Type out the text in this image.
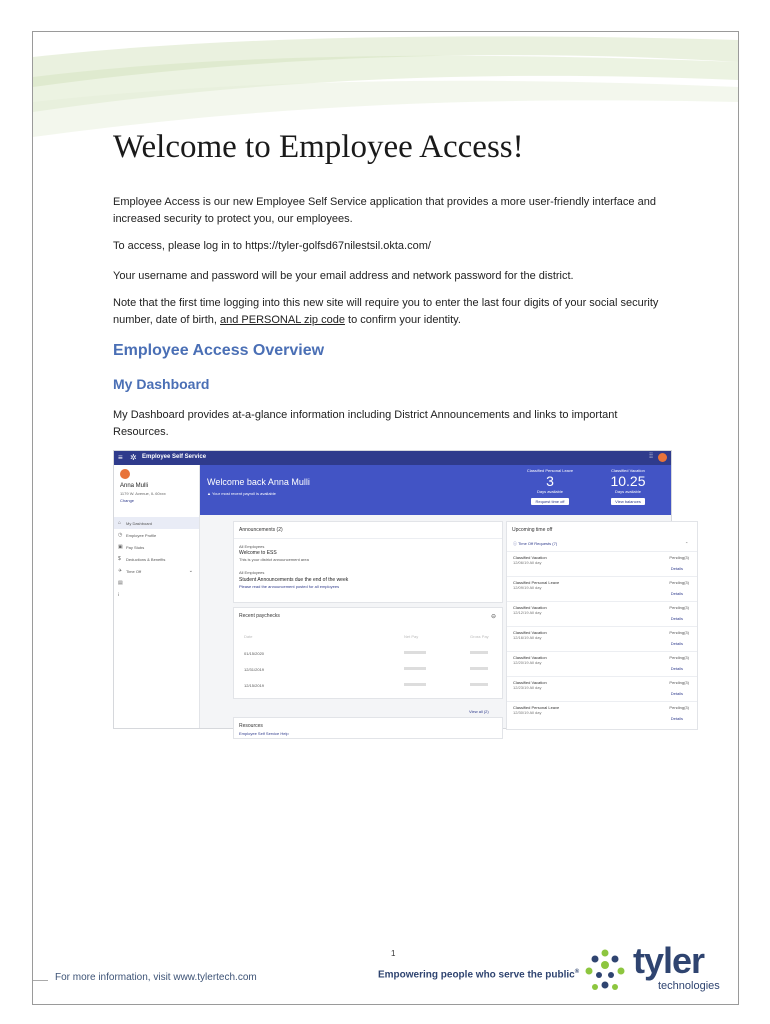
Welcome to Employee Access!
Employee Access is our new Employee Self Service application that provides a more user-friendly interface and increased security to protect you, our employees.
To access, please log in to https://tyler-golfsd67nilestsil.okta.com/
Your username and password will be your email address and network password for the district.
Note that the first time logging into this new site will require you to enter the last four digits of your social security number, date of birth, and PERSONAL zip code to confirm your identity.
Employee Access Overview
My Dashboard
My Dashboard provides at-a-glance information including District Announcements and links to important Resources.
≡ ✲ Employee Self Service	⁞⁞
Anna Mulli
1179 W. Avenue, IL 60xxx
Change
⌂	My Dashboard
◷ Employee Profile
▣ Pay Stubs
$	Deductions & Benefits
✈ Time Off	⌄
▤
ⅰ
Welcome back Anna Mulli
▲ Your most recent payroll is available
Classified Personal Leave
3
Days available
Request time off
Classified Vacation
10.25
Days available
View balances
Announcements (2)
All Employees
Welcome to ESS
This is your district announcement area
All Employees
Student Announcements due the end of the week
Please read the announcement posted for all employees
Recent paychecks	⊖
Date	Net Pay	Gross Pay
01/15/2020
12/31/2019
12/15/2019
View all (2)
Resources
Employee Self Service Help
Upcoming time off
ⓘ Time Off Requests (7)	⌃
Classified Vacation
12/06/19 All day
Pending(3)
Details
Classified Personal Leave
12/09/19 All day
Pending(3)
Details
Classified Vacation
12/12/19 All day
Pending(3)
Details
Classified Vacation
12/16/19 All day
Pending(3)
Details
Classified Vacation
12/20/19 All day
Pending(3)
Details
Classified Vacation
12/23/19 All day
Pending(3)
Details
Classified Personal Leave
12/30/19 All day
Pending(3)
Details
1
For more information, visit www.tylertech.com	Empowering people who serve the public® tyler
technologies
